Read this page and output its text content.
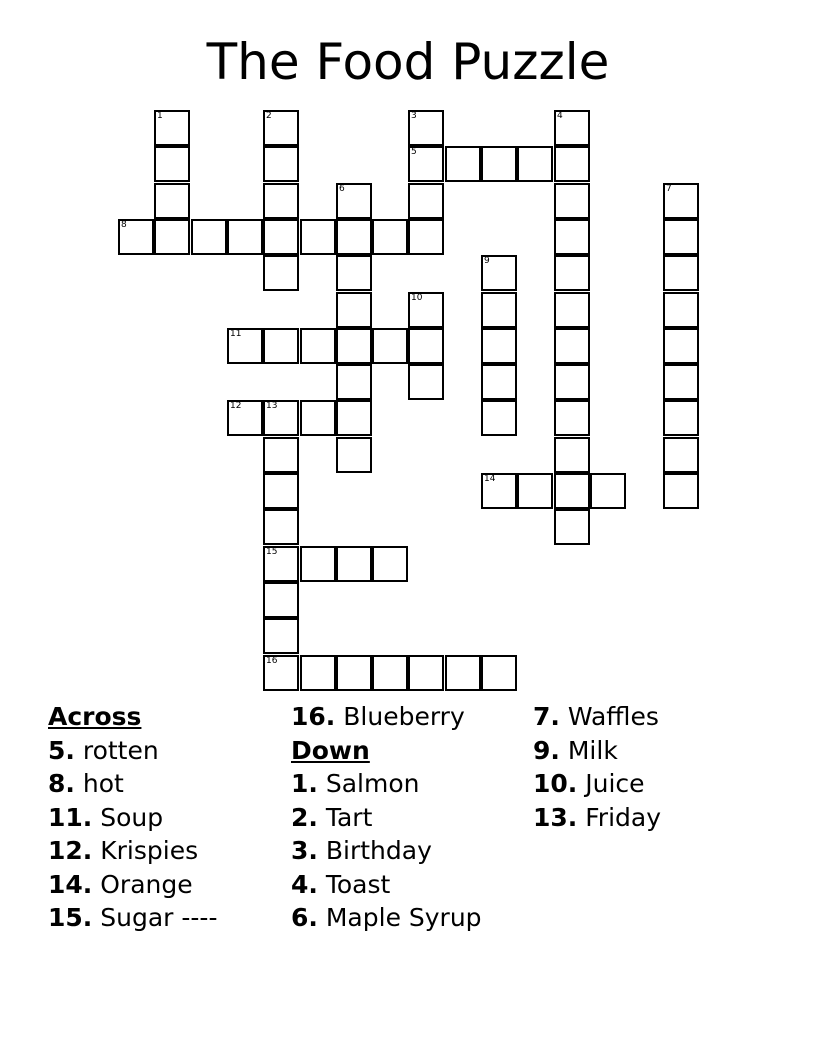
The Food Puzzle
1	2	3
5
4
6	7
8
9
10
11
12	13
15
16
14
Across
5. rotten
8. hot
11. Soup
12. Krispies
14. Orange
15. Sugar ----
16. Blueberry
Down
1. Salmon
2. Tart
3. Birthday
4. Toast
6. Maple Syrup
7. Waffles
9. Milk
10. Juice
13. Friday
